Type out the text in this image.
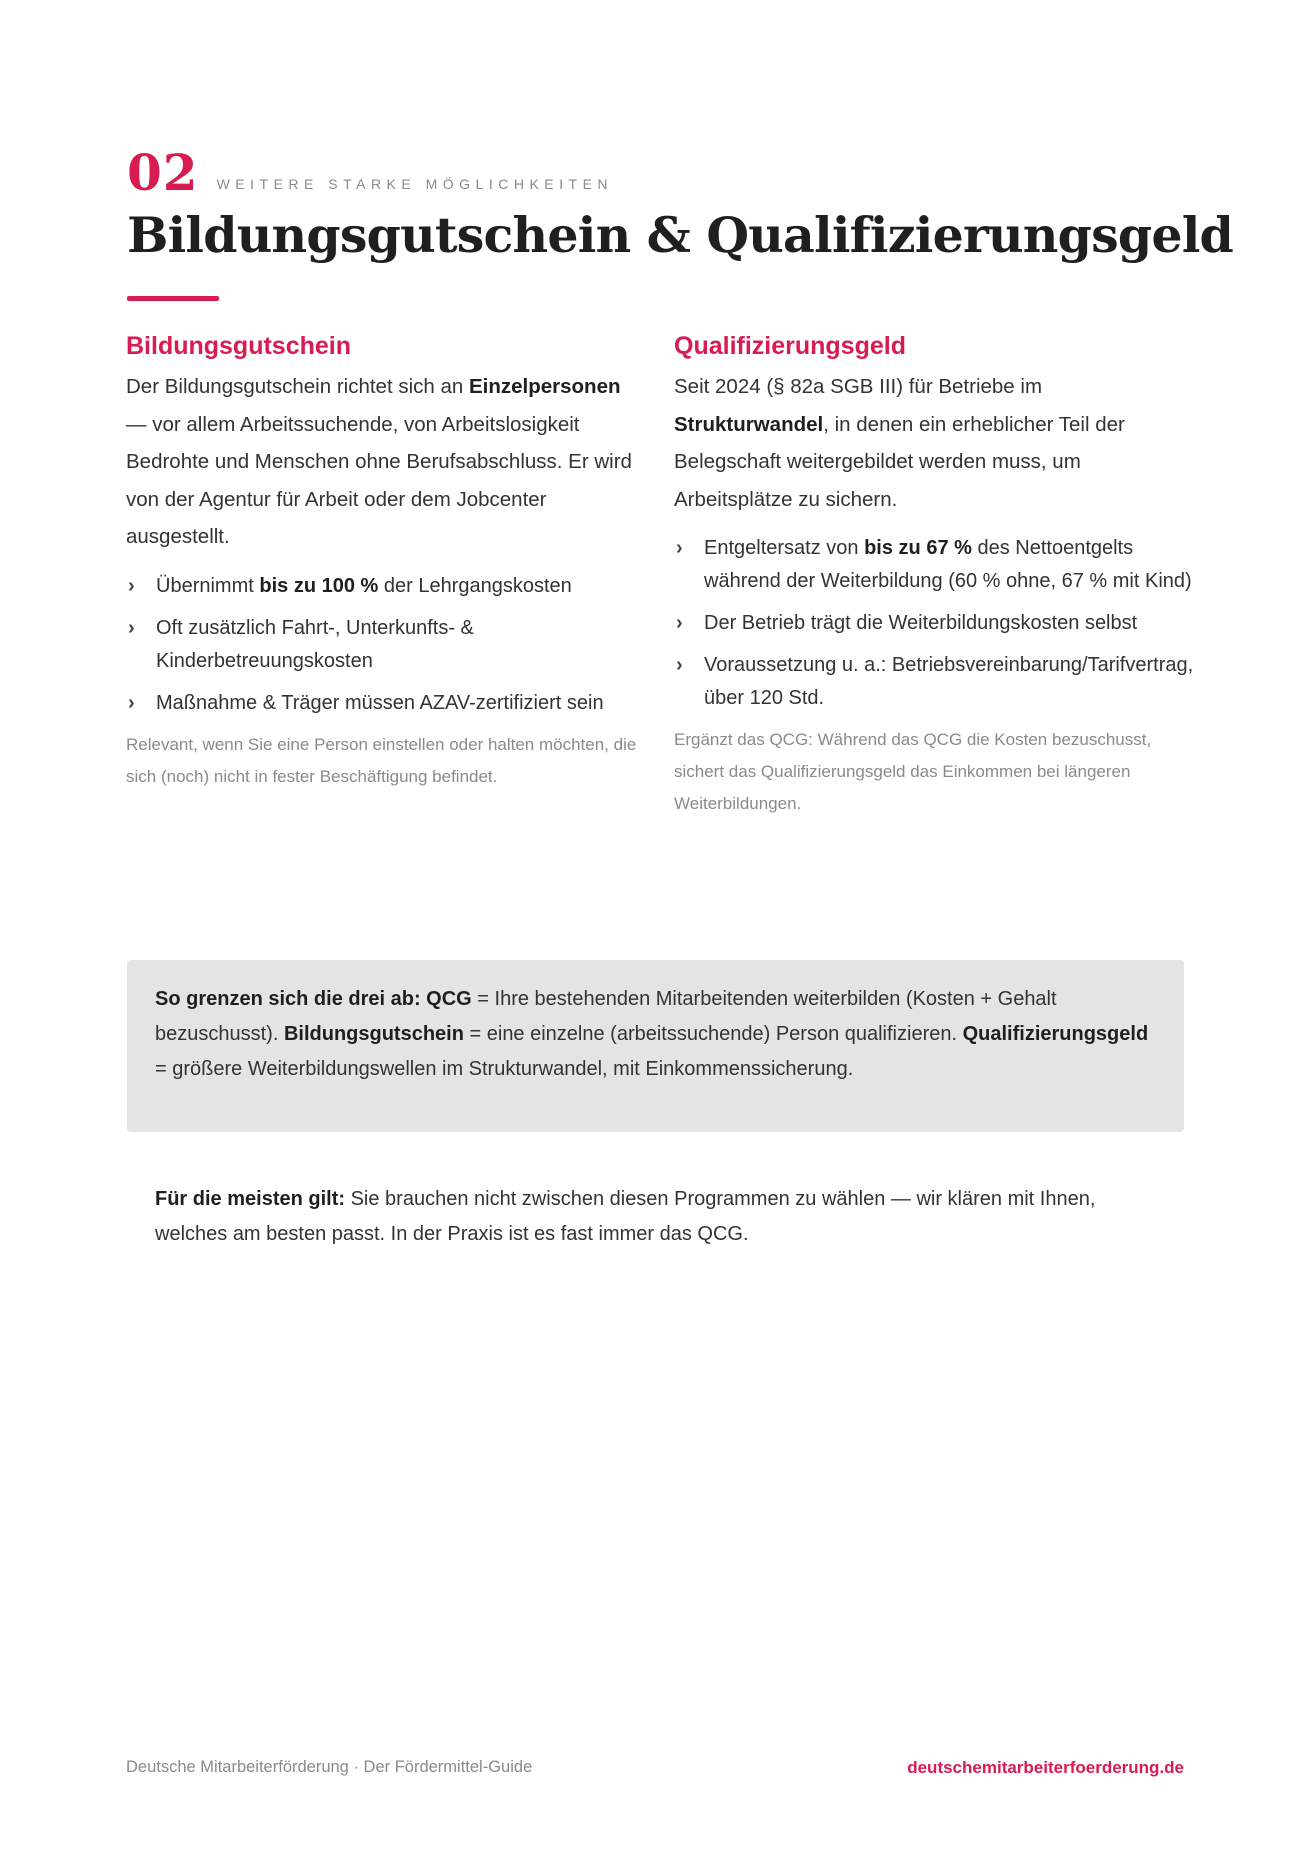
02 WEITERE STARKE MÖGLICHKEITEN
Bildungsgutschein & Qualifizierungsgeld
Bildungsgutschein

Der Bildungsgutschein richtet sich an Einzelpersonen — vor allem Arbeitssuchende, von Arbeitslosigkeit Bedrohte und Menschen ohne Berufsabschluss. Er wird von der Agentur für Arbeit oder dem Jobcenter ausgestellt.

› Übernimmt bis zu 100 % der Lehrgangskosten
› Oft zusätzlich Fahrt-, Unterkunfts- & Kinderbetreuungskosten
› Maßnahme & Träger müssen AZAV-zertifiziert sein

Relevant, wenn Sie eine Person einstellen oder halten möchten, die sich (noch) nicht in fester Beschäftigung befindet.

Qualifizierungsgeld

Seit 2024 (§ 82a SGB III) für Betriebe im Strukturwandel, in denen ein erheblicher Teil der Belegschaft weitergebildet werden muss, um Arbeitsplätze zu sichern.

› Entgeltersatz von bis zu 67 % des Nettoentgelts während der Weiterbildung (60 % ohne, 67 % mit Kind)
› Der Betrieb trägt die Weiterbildungskosten selbst
› Voraussetzung u. a.: Betriebsvereinbarung/Tarifvertrag, über 120 Std.

Ergänzt das QCG: Während das QCG die Kosten bezuschusst, sichert das Qualifizierungsgeld das Einkommen bei längeren Weiterbildungen.

So grenzen sich die drei ab: QCG = Ihre bestehenden Mitarbeitenden weiterbilden (Kosten + Gehalt bezuschusst). Bildungsgutschein = eine einzelne (arbeitssuchende) Person qualifizieren. Qualifizierungsgeld = größere Weiterbildungswellen im Strukturwandel, mit Einkommenssicherung.

Für die meisten gilt: Sie brauchen nicht zwischen diesen Programmen zu wählen — wir klären mit Ihnen, welches am besten passt. In der Praxis ist es fast immer das QCG.

Deutsche Mitarbeiterförderung · Der Fördermittel-Guide	deutschemitarbeiterfoerderung.de
